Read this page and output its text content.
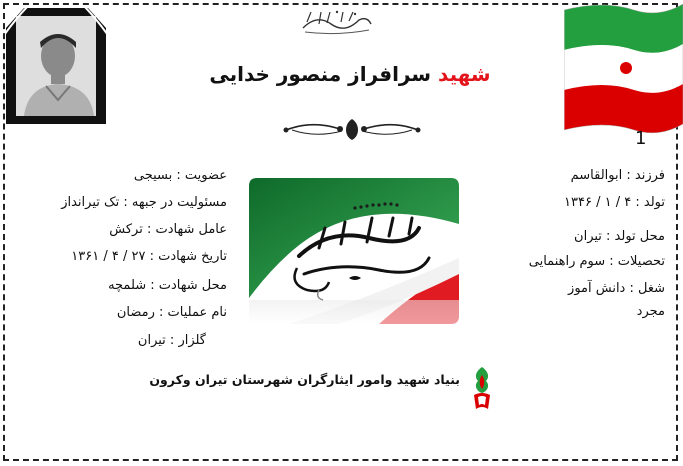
شهید سرافراز منصور خدایی
1
عضویت : بسیجی
مسئولیت در جبهه : تک تیرانداز
عامل شهادت : ترکش
تاریخ شهادت : ۲۷ / ۴ / ۱۳۶۱
محل شهادت : شلمچه
نام عملیات : رمضان
گلزار : تیران
فرزند : ابوالقاسم
تولد : ۴ / ۱ / ۱۳۴۶
محل تولد : تیران
تحصیلات : سوم راهنمایی
شغل : دانش آموز
مجرد
بنیاد شهید وامور ایثارگران شهرستان تیران وکرون
